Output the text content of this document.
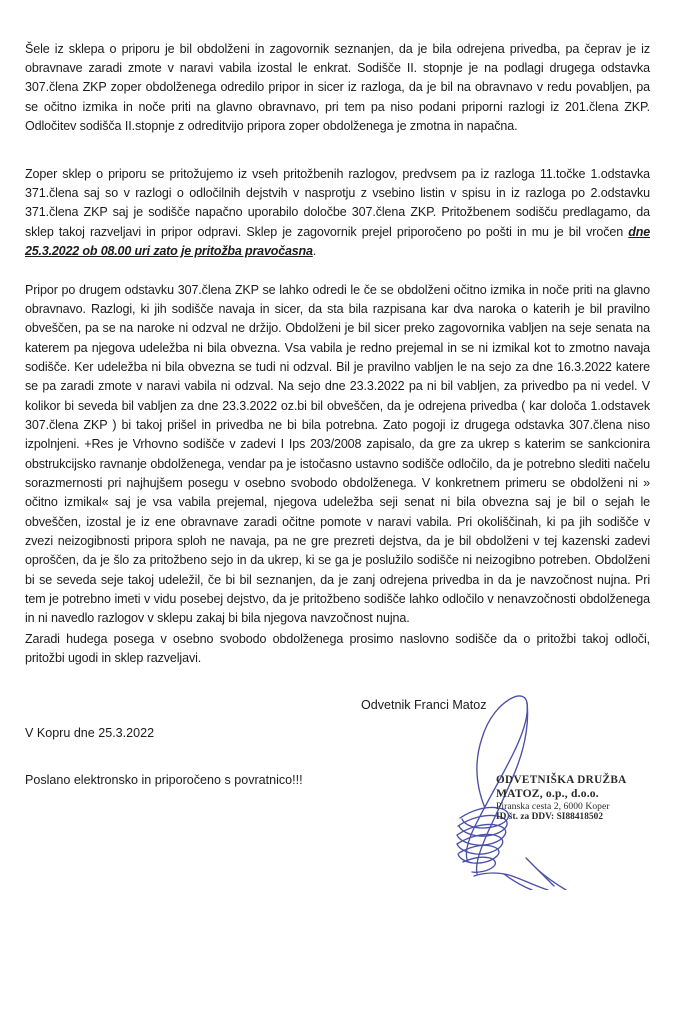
Šele iz sklepa o priporu je bil obdolženi in zagovornik seznanjen, da je bila odrejena privedba, pa čeprav je iz obravnave zaradi zmote v naravi vabila izostal le enkrat. Sodišče II. stopnje je na podlagi drugega odstavka 307.člena ZKP zoper obdolženega odredilo pripor in sicer iz razloga, da je bil na obravnavo v redu povabljen, pa se očitno izmika in noče priti na glavno obravnavo, pri tem pa niso podani priporni razlogi iz 201.člena ZKP. Odločitev sodišča II.stopnje z odreditvijo pripora zoper obdolženega je zmotna in napačna.

Zoper sklep o priporu se pritožujemo iz vseh pritožbenih razlogov, predvsem pa iz razloga 11.točke 1.odstavka 371.člena saj so v razlogi o odločilnih dejstvih v nasprotju z vsebino listin v spisu in iz razloga po 2.odstavku 371.člena ZKP saj je sodišče napačno uporabilo določbe 307.člena ZKP. Pritožbenem sodišču predlagamo, da sklep takoj razveljavi in pripor odpravi. Sklep je zagovornik prejel priporočeno po pošti in mu je bil vročen dne 25.3.2022 ob 08.00 uri zato je pritožba pravočasna.

Pripor po drugem odstavku 307.člena ZKP se lahko odredi le če se obdolženi očitno izmika in noče priti na glavno obravnavo. Razlogi, ki jih sodišče navaja in sicer, da sta bila razpisana kar dva naroka o katerih je bil pravilno obveščen, pa se na naroke ni odzval ne držijo. Obdolženi je bil sicer preko zagovornika vabljen na seje senata na katerem pa njegova udeležba ni bila obvezna. Vsa vabila je redno prejemal in se ni izmikal kot to zmotno navaja sodišče. Ker udeležba ni bila obvezna se tudi ni odzval. Bil je pravilno vabljen le na sejo za dne 16.3.2022 katere se pa zaradi zmote v naravi vabila ni odzval. Na sejo dne 23.3.2022 pa ni bil vabljen, za privedbo pa ni vedel. V kolikor bi seveda bil vabljen za dne 23.3.2022 oz.bi bil obveščen, da je odrejena privedba ( kar določa 1.odstavek 307.člena ZKP ) bi takoj prišel in privedba ne bi bila potrebna. Zato pogoji iz drugega odstavka 307.člena niso izpolnjeni. +Res je Vrhovno sodišče v zadevi I Ips 203/2008 zapisalo, da gre za ukrep s katerim se sankcionira obstrukcijsko ravnanje obdolženega, vendar pa je istočasno ustavno sodišče odločilo, da je potrebno slediti načelu sorazmernosti pri najhujšem posegu v osebno svobodo obdolženega. V konkretnem primeru se obdolženi ni » očitno izmikal« saj je vsa vabila prejemal, njegova udeležba seji senat ni bila obvezna saj je bil o sejah le obveščen, izostal je iz ene obravnave zaradi očitne pomote v naravi vabila. Pri okoliščinah, ki pa jih sodišče v zvezi neizogibnosti pripora sploh ne navaja, pa ne gre prezreti dejstva, da je bil obdolženi v tej kazenski zadevi oproščen, da je šlo za pritožbeno sejo in da ukrep, ki se ga je poslužilo sodišče ni neizogibno potreben. Obdolženi bi se seveda seje takoj udeležil, če bi bil seznanjen, da je zanj odrejena privedba in da je navzočnost nujna. Pri tem je potrebno imeti v vidu posebej dejstvo, da je pritožbeno sodišče lahko odločilo v nenavzočnosti obdolženega in ni navedlo razlogov v sklepu zakaj bi bila njegova navzočnost nujna.

Zaradi hudega posega v osebno svobodo obdolženega prosimo naslovno sodišče da o pritožbi takoj odloči, pritožbi ugodi in sklep razveljavi.

Odvetnik Franci Matoz
V Kopru dne 25.3.2022
Poslano elektronsko in priporočeno s povratnico!!!	ODVETNIŠKA DRUŽBA
MATOZ, o.p., d.o.o.
Piranska cesta 2, 6000 Koper
ID št. za DDV: SI88418502
